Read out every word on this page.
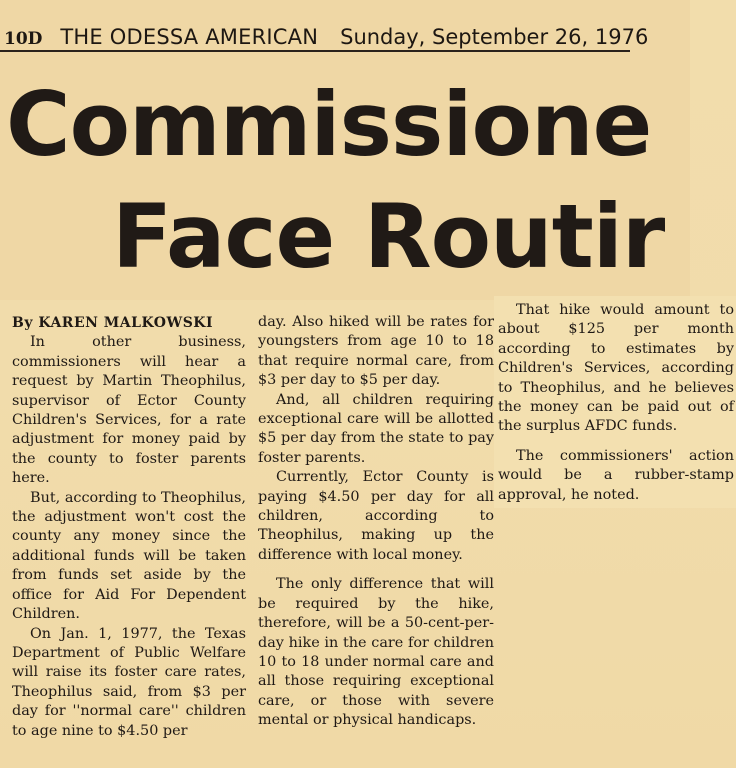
10D THE ODESSA AMERICAN Sunday, September 26, 1976
Commissione
Face Routir

By KAREN MALKOWSKI

In other business, commissioners will hear a request by Martin Theophilus, supervisor of Ector County Children's Services, for a rate adjustment for money paid by the county to foster parents here.

But, according to Theophilus, the adjustment won't cost the county any money since the additional funds will be taken from funds set aside by the office for Aid For Dependent Children.

On Jan. 1, 1977, the Texas Department of Public Welfare will raise its foster care rates, Theophilus said, from $3 per day for ''normal care'' children to age nine to $4.50 per

day. Also hiked will be rates for youngsters from age 10 to 18 that require normal care, from $3 per day to $5 per day.

And, all children requiring exceptional care will be allotted $5 per day from the state to pay foster parents.

Currently, Ector County is paying $4.50 per day for all children, according to Theophilus, making up the difference with local money.

The only difference that will be required by the hike, therefore, will be a 50-cent-per-day hike in the care for children 10 to 18 under normal care and all those requiring exceptional care, or those with severe mental or physical handicaps.

That hike would amount to about $125 per month according to estimates by Children's Services, according to Theophilus, and he believes the money can be paid out of the surplus AFDC funds.

The commissioners' action would be a rubber-stamp approval, he noted.
